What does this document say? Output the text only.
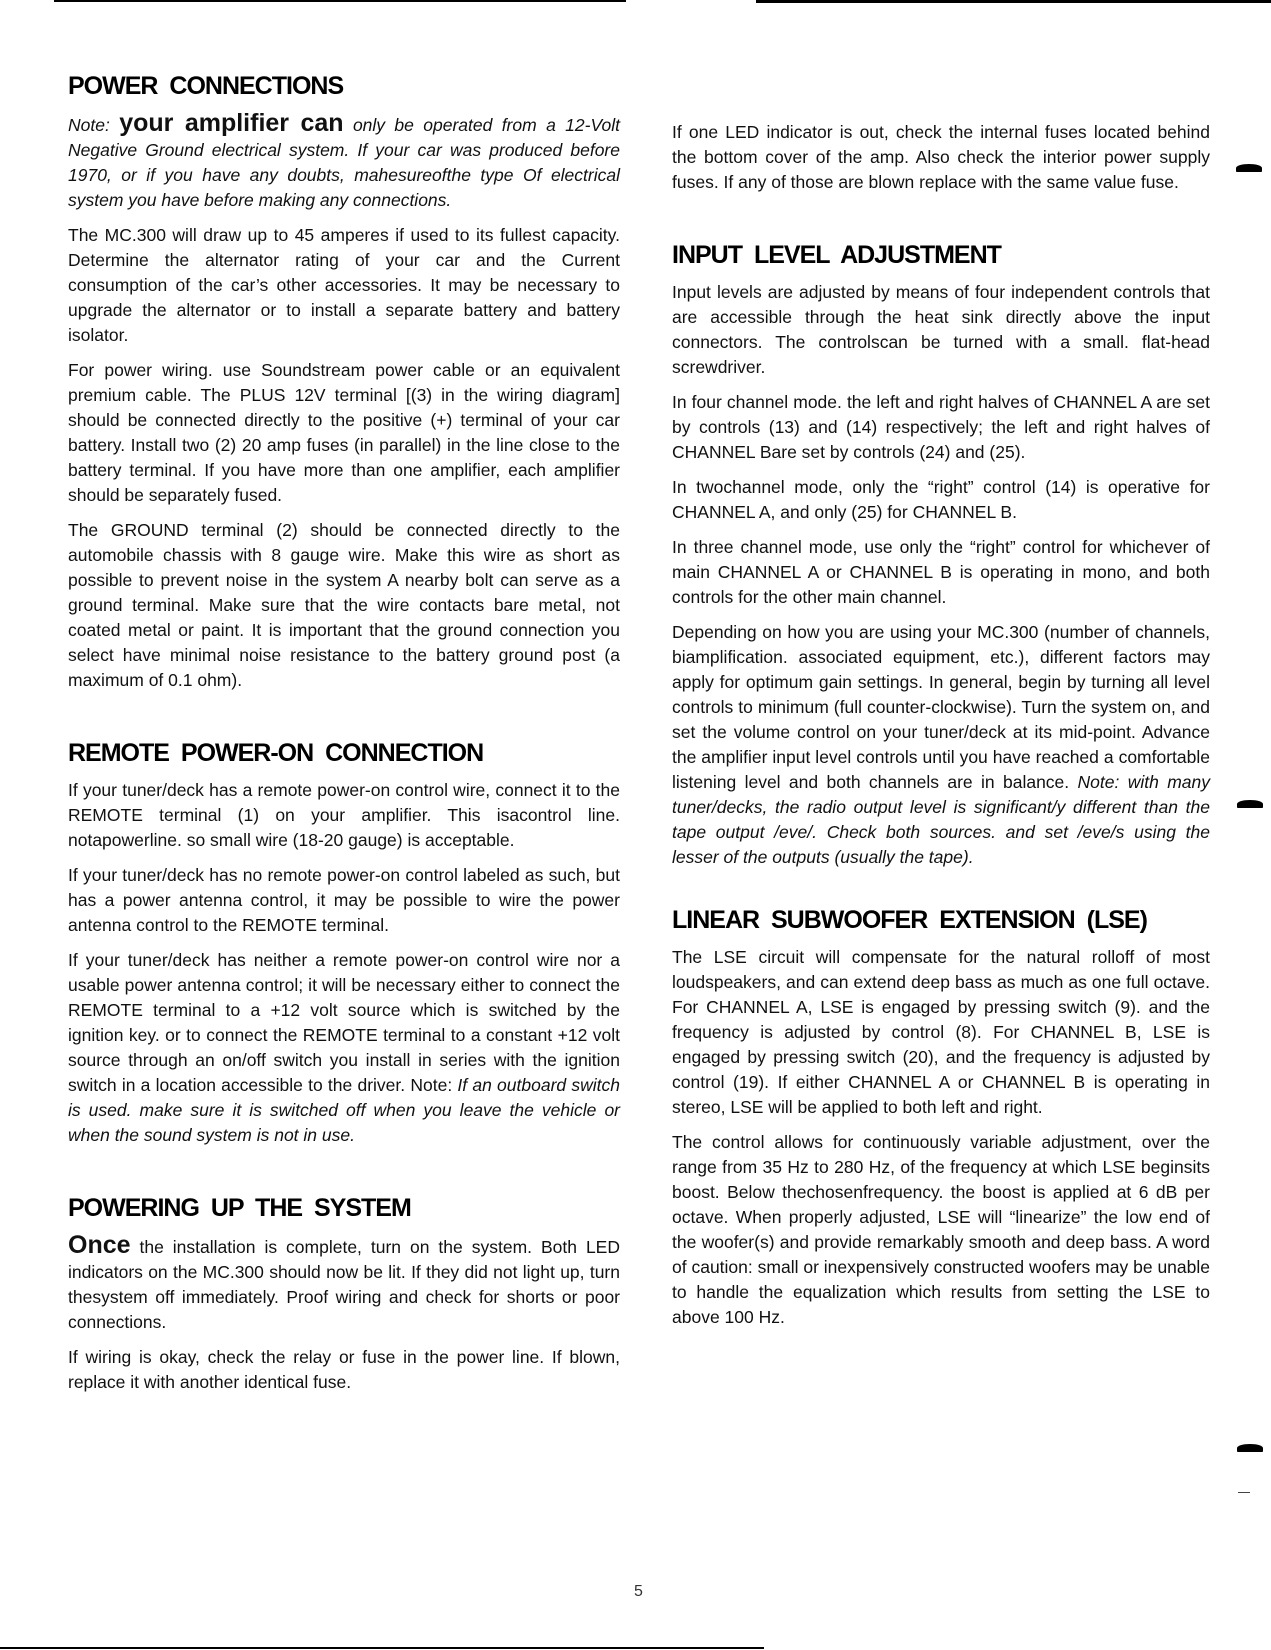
POWER CONNECTIONS

Note: your amplifier can only be operated from a 12-Volt Negative Ground electrical system. If your car was produced before 1970, or if you have any doubts, mahesureofthe type Of electrical system you have before making any connections.

The MC.300 will draw up to 45 amperes if used to its fullest capacity. Determine the alternator rating of your car and the Current consumption of the car’s other accessories. It may be necessary to upgrade the alternator or to install a separate battery and battery isolator.

For power wiring. use Soundstream power cable or an equivalent premium cable. The PLUS 12V terminal [(3) in the wiring diagram] should be connected directly to the positive (+) terminal of your car battery. Install two (2) 20 amp fuses (in parallel) in the line close to the battery terminal. If you have more than one amplifier, each amplifier should be separately fused.

The GROUND terminal (2) should be connected directly to the automobile chassis with 8 gauge wire. Make this wire as short as possible to prevent noise in the system A nearby bolt can serve as a ground terminal. Make sure that the wire contacts bare metal, not coated metal or paint. It is important that the ground connection you select have minimal noise resistance to the battery ground post (a maximum of 0.1 ohm).

REMOTE POWER-ON CONNECTION

If your tuner/deck has a remote power-on control wire, connect it to the REMOTE terminal (1) on your amplifier. This isacontrol line. notapowerline. so small wire (18-20 gauge) is acceptable.

If your tuner/deck has no remote power-on control labeled as such, but has a power antenna control, it may be possible to wire the power antenna control to the REMOTE terminal.

If your tuner/deck has neither a remote power-on control wire nor a usable power antenna control; it will be necessary either to connect the REMOTE terminal to a +12 volt source which is switched by the ignition key. or to connect the REMOTE terminal to a constant +12 volt source through an on/off switch you install in series with the ignition switch in a location accessible to the driver. Note: If an outboard switch is used. make sure it is switched off when you leave the vehicle or when the sound system is not in use.

POWERING UP THE SYSTEM

Once the installation is complete, turn on the system. Both LED indicators on the MC.300 should now be lit. If they did not light up, turn thesystem off immediately. Proof wiring and check for shorts or poor connections.

If wiring is okay, check the relay or fuse in the power line. If blown, replace it with another identical fuse.

If one LED indicator is out, check the internal fuses located behind the bottom cover of the amp. Also check the interior power supply fuses. If any of those are blown replace with the same value fuse.

INPUT LEVEL ADJUSTMENT

Input levels are adjusted by means of four independent controls that are accessible through the heat sink directly above the input connectors. The controlscan be turned with a small. flat-head screwdriver.

In four channel mode. the left and right halves of CHANNEL A are set by controls (13) and (14) respectively; the left and right halves of CHANNEL Bare set by controls (24) and (25).

In twochannel mode, only the “right” control (14) is operative for CHANNEL A, and only (25) for CHANNEL B.

In three channel mode, use only the “right” control for whichever of main CHANNEL A or CHANNEL B is operating in mono, and both controls for the other main channel.

Depending on how you are using your MC.300 (number of channels, biamplification. associated equipment, etc.), different factors may apply for optimum gain settings. In general, begin by turning all level controls to minimum (full counter-clockwise). Turn the system on, and set the volume control on your tuner/deck at its mid-point. Advance the amplifier input level controls until you have reached a comfortable listening level and both channels are in balance. Note: with many tuner/decks, the radio output level is significant/y different than the tape output /eve/. Check both sources. and set /eve/s using the lesser of the outputs (usually the tape).

LINEAR SUBWOOFER EXTENSION (LSE)

The LSE circuit will compensate for the natural rolloff of most loudspeakers, and can extend deep bass as much as one full octave. For CHANNEL A, LSE is engaged by pressing switch (9). and the frequency is adjusted by control (8). For CHANNEL B, LSE is engaged by pressing switch (20), and the frequency is adjusted by control (19). If either CHANNEL A or CHANNEL B is operating in stereo, LSE will be applied to both left and right.

The control allows for continuously variable adjustment, over the range from 35 Hz to 280 Hz, of the frequency at which LSE beginsits boost. Below thechosenfrequency. the boost is applied at 6 dB per octave. When properly adjusted, LSE will “linearize” the low end of the woofer(s) and provide remarkably smooth and deep bass. A word of caution: small or inexpensively constructed woofers may be unable to handle the equalization which results from setting the LSE to above 100 Hz.

5
